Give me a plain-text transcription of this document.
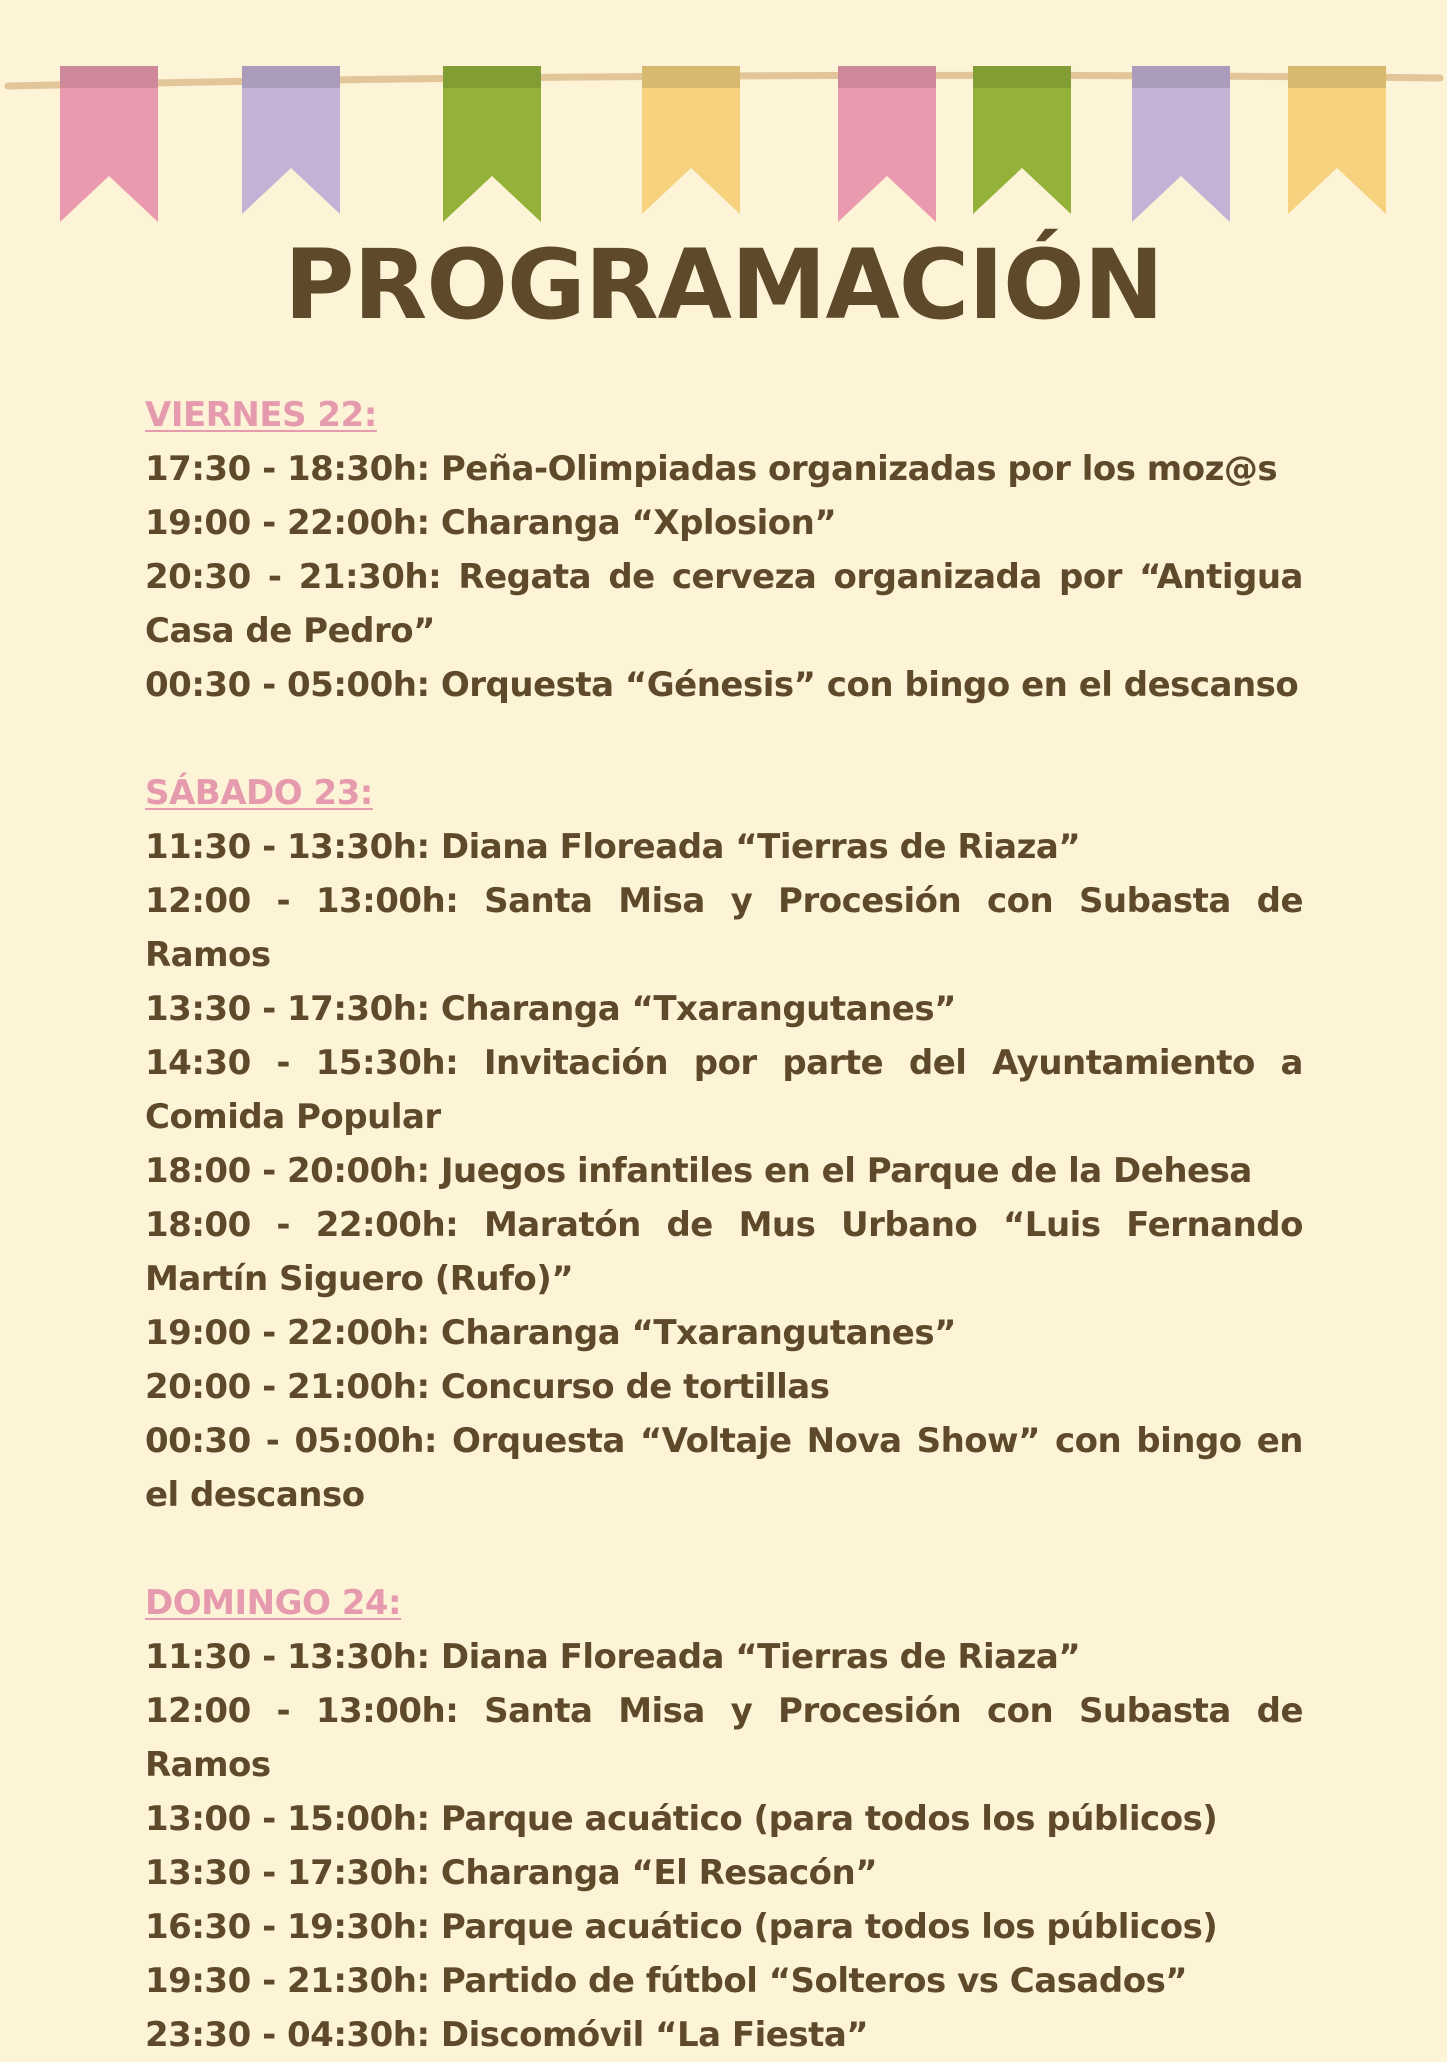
PROGRAMACIÓN
VIERNES 22:
17:30 - 18:30h: Peña-Olimpiadas organizadas por los moz@s
19:00 - 22:00h: Charanga “Xplosion”
20:30 - 21:30h: Regata de cerveza organizada por “Antigua Casa de Pedro”
00:30 - 05:00h: Orquesta “Génesis” con bingo en el descanso
SÁBADO 23:
11:30 - 13:30h: Diana Floreada “Tierras de Riaza”
12:00 - 13:00h: Santa Misa y Procesión con Subasta de Ramos
13:30 - 17:30h: Charanga “Txarangutanes”
14:30 - 15:30h: Invitación por parte del Ayuntamiento a Comida Popular
18:00 - 20:00h: Juegos infantiles en el Parque de la Dehesa
18:00 - 22:00h: Maratón de Mus Urbano “Luis Fernando Martín Siguero (Rufo)”
19:00 - 22:00h: Charanga “Txarangutanes”
20:00 - 21:00h: Concurso de tortillas
00:30 - 05:00h: Orquesta “Voltaje Nova Show” con bingo en el descanso
DOMINGO 24:
11:30 - 13:30h: Diana Floreada “Tierras de Riaza”
12:00 - 13:00h: Santa Misa y Procesión con Subasta de Ramos
13:00 - 15:00h: Parque acuático (para todos los públicos)
13:30 - 17:30h: Charanga “El Resacón”
16:30 - 19:30h: Parque acuático (para todos los públicos)
19:30 - 21:30h: Partido de fútbol “Solteros vs Casados”
23:30 - 04:30h: Discomóvil “La Fiesta”
